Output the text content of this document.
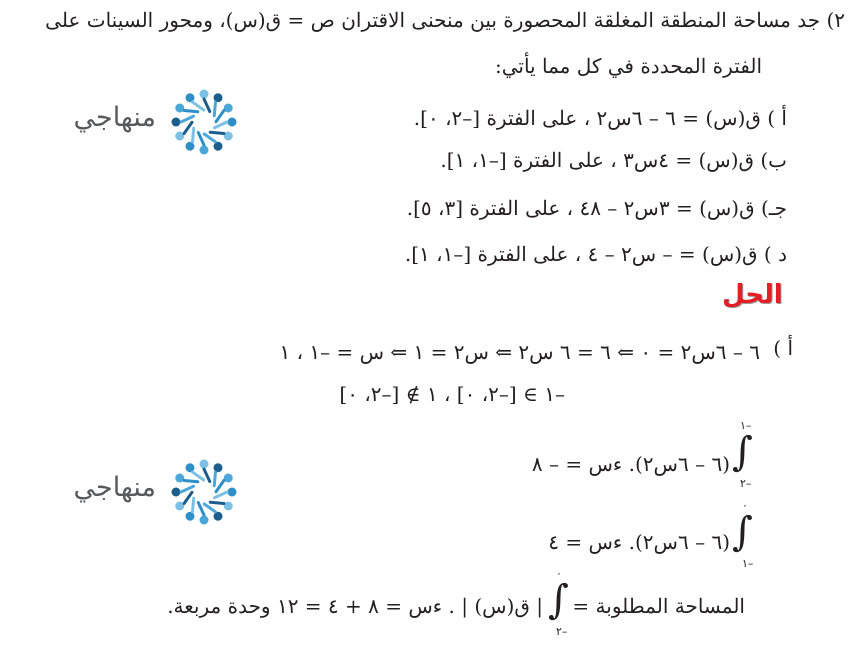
٢) جد مساحة المنطقة المغلقة المحصورة بين منحنى الاقتران ص = ق(س)، ومحور السينات على
الفترة المحددة في كل مما يأتي:
أ ) ق(س) = ٦ – ٦س٢ ، على الفترة [–٢، ٠].
ب) ق(س) = ٤س٣ ، على الفترة [–١، ١].
جـ) ق(س) = ٣س٢ – ٤٨ ، على الفترة [٣، ٥].
د ) ق(س) = – س٢ – ٤ ، على الفترة [–١، ١].
منهاجي
منهاجي
الحل
أ )
٦ – ٦س٢ = ٠ ⇐ ٦ = ٦ س٢ ⇐ س٢ = ١ ⇐ س = –١ ، ١
–١ ∋ [–٢، ٠] ، ١ ∌ [–٢، ٠]
∫
–١
–٢
(٦ – ٦س٢). ءس = – ٨
∫
٠
–١
(٦ – ٦س٢). ءس = ٤
المساحة المطلوبة =
∫
٠
–٢
| ق(س) | . ءس = ٨ + ٤ = ١٢ وحدة مربعة.
